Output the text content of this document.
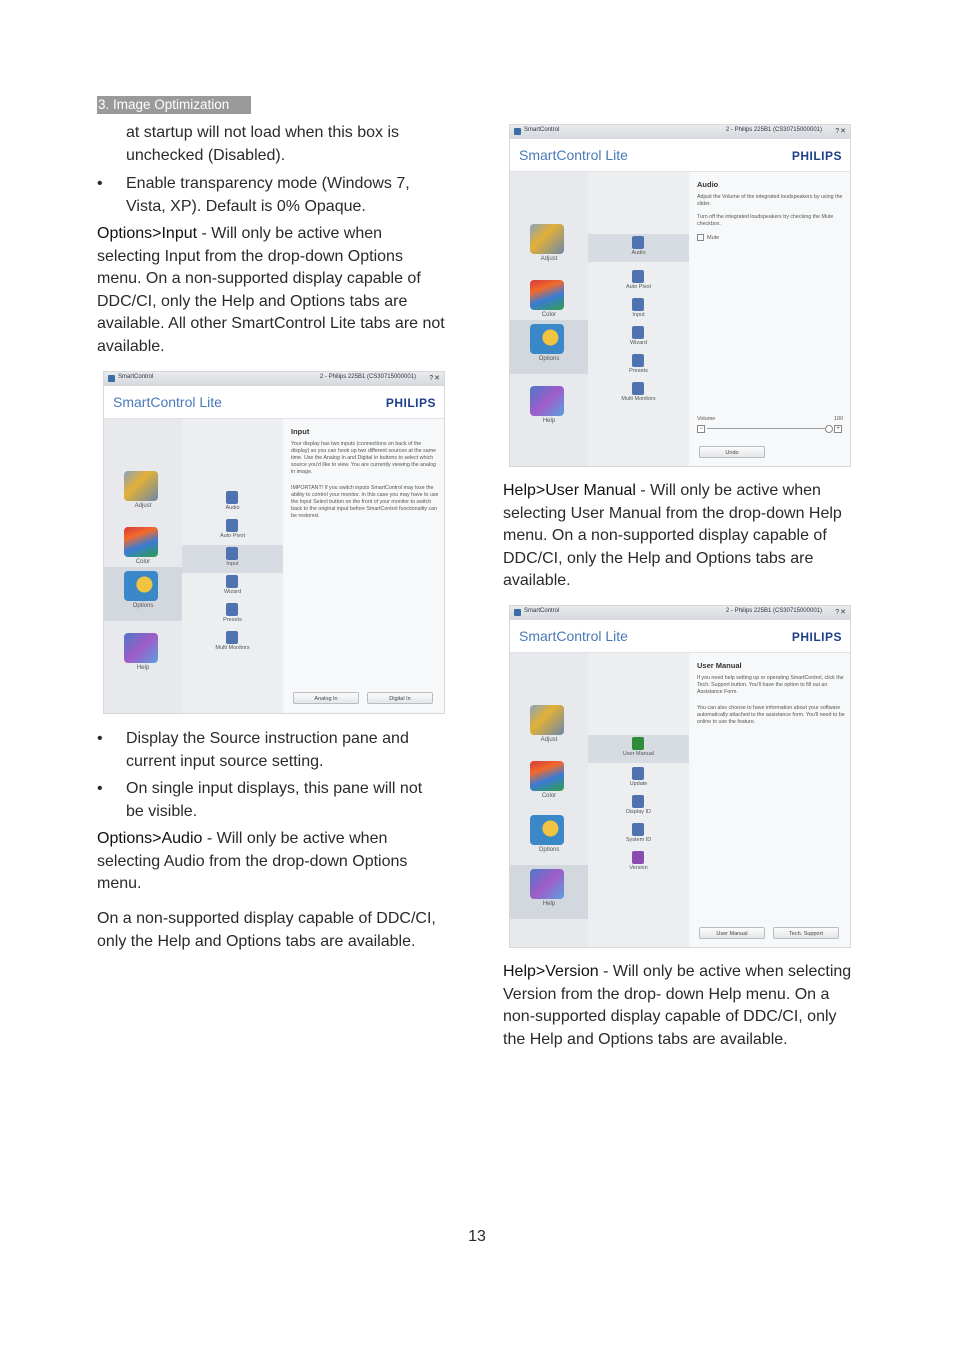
3. Image Optimization
at startup will not load when this box is unchecked (Disabled).
• Enable transparency mode (Windows 7, Vista, XP). Default is 0% Opaque.
Options>Input - Will only be active when selecting Input from the drop-down Options menu. On a non-supported display capable of DDC/CI, only the Help and Options tabs are available. All other SmartControl Lite tabs are not available.
SmartControl	2 - Philips 225B1 (CS30715000001) ?✕
SmartControl Lite	PHILIPS
Adjust
Color
Options
Help
Audio
Auto Pivot
Input
Wizard
Presets
Multi Monitors
Input
Your display has two inputs (connections on back of the display) so you can hook up two different sources at the same time. Use the Analog In and Digital In buttons to select which source you'd like to view. You are currently viewing the analog in image.
IMPORTANT! If you switch inputs SmartControl may lose the ability to control your monitor. In this case you may have to use the Input Select button on the front of your monitor to switch back to the original input before SmartControl functionality can be restored.
Analog In	Digital In
• Display the Source instruction pane and current input source setting.
• On single input displays, this pane will not be visible.
Options>Audio - Will only be active when selecting Audio from the drop-down Options menu.
On a non-supported display capable of DDC/CI, only the Help and Options tabs are available.
SmartControl	2 - Philips 225B1 (CS30715000001) ?✕
SmartControl Lite	PHILIPS
Adjust
Color
Options
Help
Audio
Auto Pivot
Input
Wizard
Presets
Multi Monitors
Audio
Adjust the Volume of the integrated loudspeakers by using the slider.
Turn off the integrated loudspeakers by checking the Mute checkbox.
Mute
Volume	100
−	+
Undo
Help>User Manual - Will only be active when selecting User Manual from the drop-down Help menu. On a non-supported display capable of DDC/CI, only the Help and Options tabs are available.
SmartControl	2 - Philips 225B1 (CS30715000001) ?✕
SmartControl Lite	PHILIPS
Adjust
Color
Options
Help
User Manual
Update
Display ID
System ID
Version
User Manual
If you need help setting up or operating SmartControl, click the Tech. Support button. You'll have the option to fill out an Assistance Form.
You can also choose to have information about your software automatically attached to the assistance form. You'll need to be online to use the feature.
User Manual	Tech. Support
Help>Version - Will only be active when selecting Version from the drop- down Help menu. On a non-supported display capable of DDC/CI, only the Help and Options tabs are available.
13
